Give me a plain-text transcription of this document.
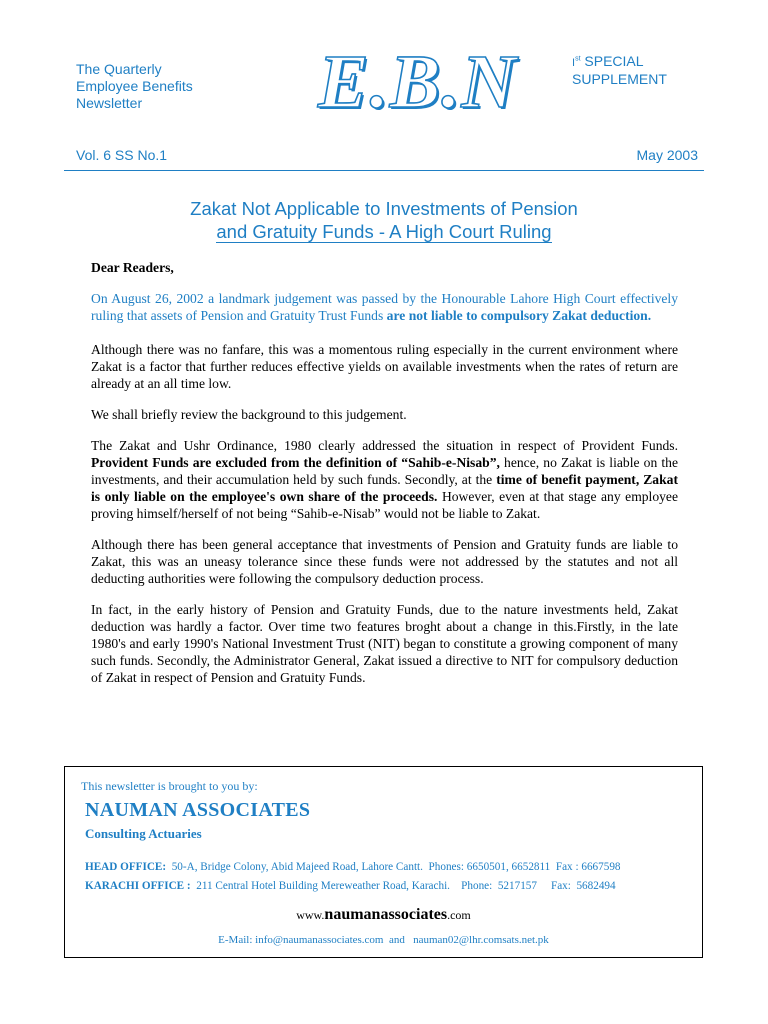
The Quarterly
Employee Benefits
Newsletter	E.B.N	Ist SPECIAL
SUPPLEMENT
Vol. 6 SS No.1	May 2003
Zakat Not Applicable to Investments of Pension
and Gratuity Funds - A High Court Ruling

Dear Readers,

On August 26, 2002 a landmark judgement was passed by the Honourable Lahore High Court effectively ruling that assets of Pension and Gratuity Trust Funds are not liable to compulsory Zakat deduction.

Although there was no fanfare, this was a momentous ruling especially in the current environment where Zakat is a factor that further reduces effective yields on available investments when the rates of return are already at an all time low.

We shall briefly review the background to this judgement.

The Zakat and Ushr Ordinance, 1980 clearly addressed the situation in respect of Provident Funds. Provident Funds are excluded from the definition of “Sahib-e-Nisab”, hence, no Zakat is liable on the investments, and their accumulation held by such funds. Secondly, at the time of benefit payment, Zakat is only liable on the employee's own share of the proceeds. However, even at that stage any employee proving himself/herself of not being “Sahib-e-Nisab” would not be liable to Zakat.

Although there has been general acceptance that investments of Pension and Gratuity funds are liable to Zakat, this was an uneasy tolerance since these funds were not addressed by the statutes and not all deducting authorities were following the compulsory deduction process.

In fact, in the early history of Pension and Gratuity Funds, due to the nature investments held, Zakat deduction was hardly a factor. Over time two features broght about a change in this.Firstly, in the late 1980's and early 1990's National Investment Trust (NIT) began to constitute a growing component of many such funds. Secondly, the Administrator General, Zakat issued a directive to NIT for compulsory deduction of Zakat in respect of Pension and Gratuity Funds.

This newsletter is brought to you by:
NAUMAN ASSOCIATES
Consulting Actuaries
HEAD OFFICE:  50-A, Bridge Colony, Abid Majeed Road, Lahore Cantt.  Phones: 6650501, 6652811  Fax : 6667598
KARACHI OFFICE :  211 Central Hotel Building Mereweather Road, Karachi.    Phone:  5217157     Fax:  5682494
www.naumanassociates.com
E-Mail: info@naumanassociates.com  and   nauman02@lhr.comsats.net.pk
